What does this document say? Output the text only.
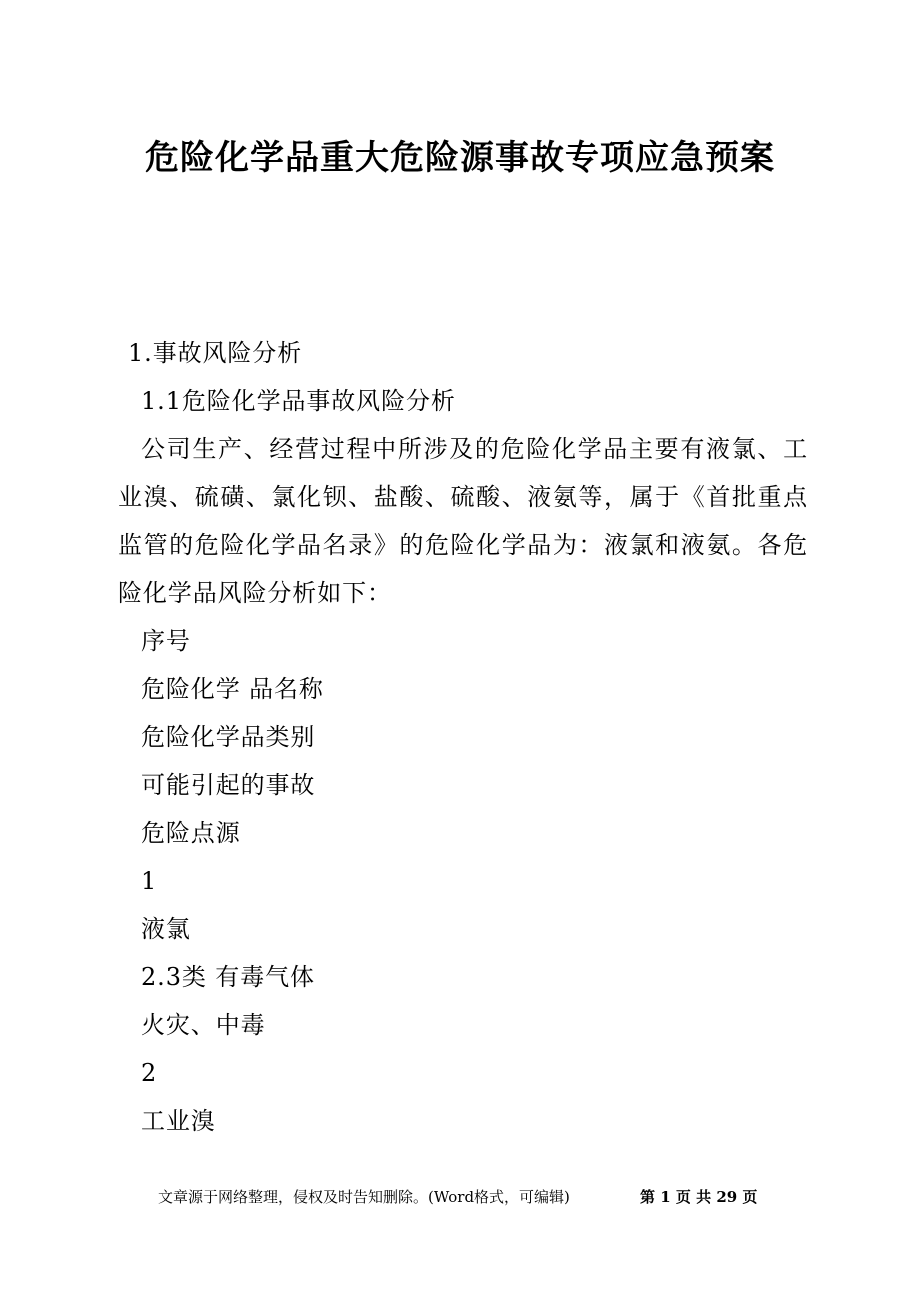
危险化学品重大危险源事故专项应急预案
1.事故风险分析
1.1危险化学品事故风险分析
公司生产、经营过程中所涉及的危险化学品主要有液氯、工业溴、硫磺、氯化钡、盐酸、硫酸、液氨等，属于《首批重点监管的危险化学品名录》的危险化学品为：液氯和液氨。各危险化学品风险分析如下：
序号
危险化学 品名称
危险化学品类别
可能引起的事故
危险点源
1
液氯
2.3类 有毒气体
火灾、中毒
2
工业溴
文章源于网络整理，侵权及时告知删除。(Word格式，可编辑)	第 1 页 共 29 页
